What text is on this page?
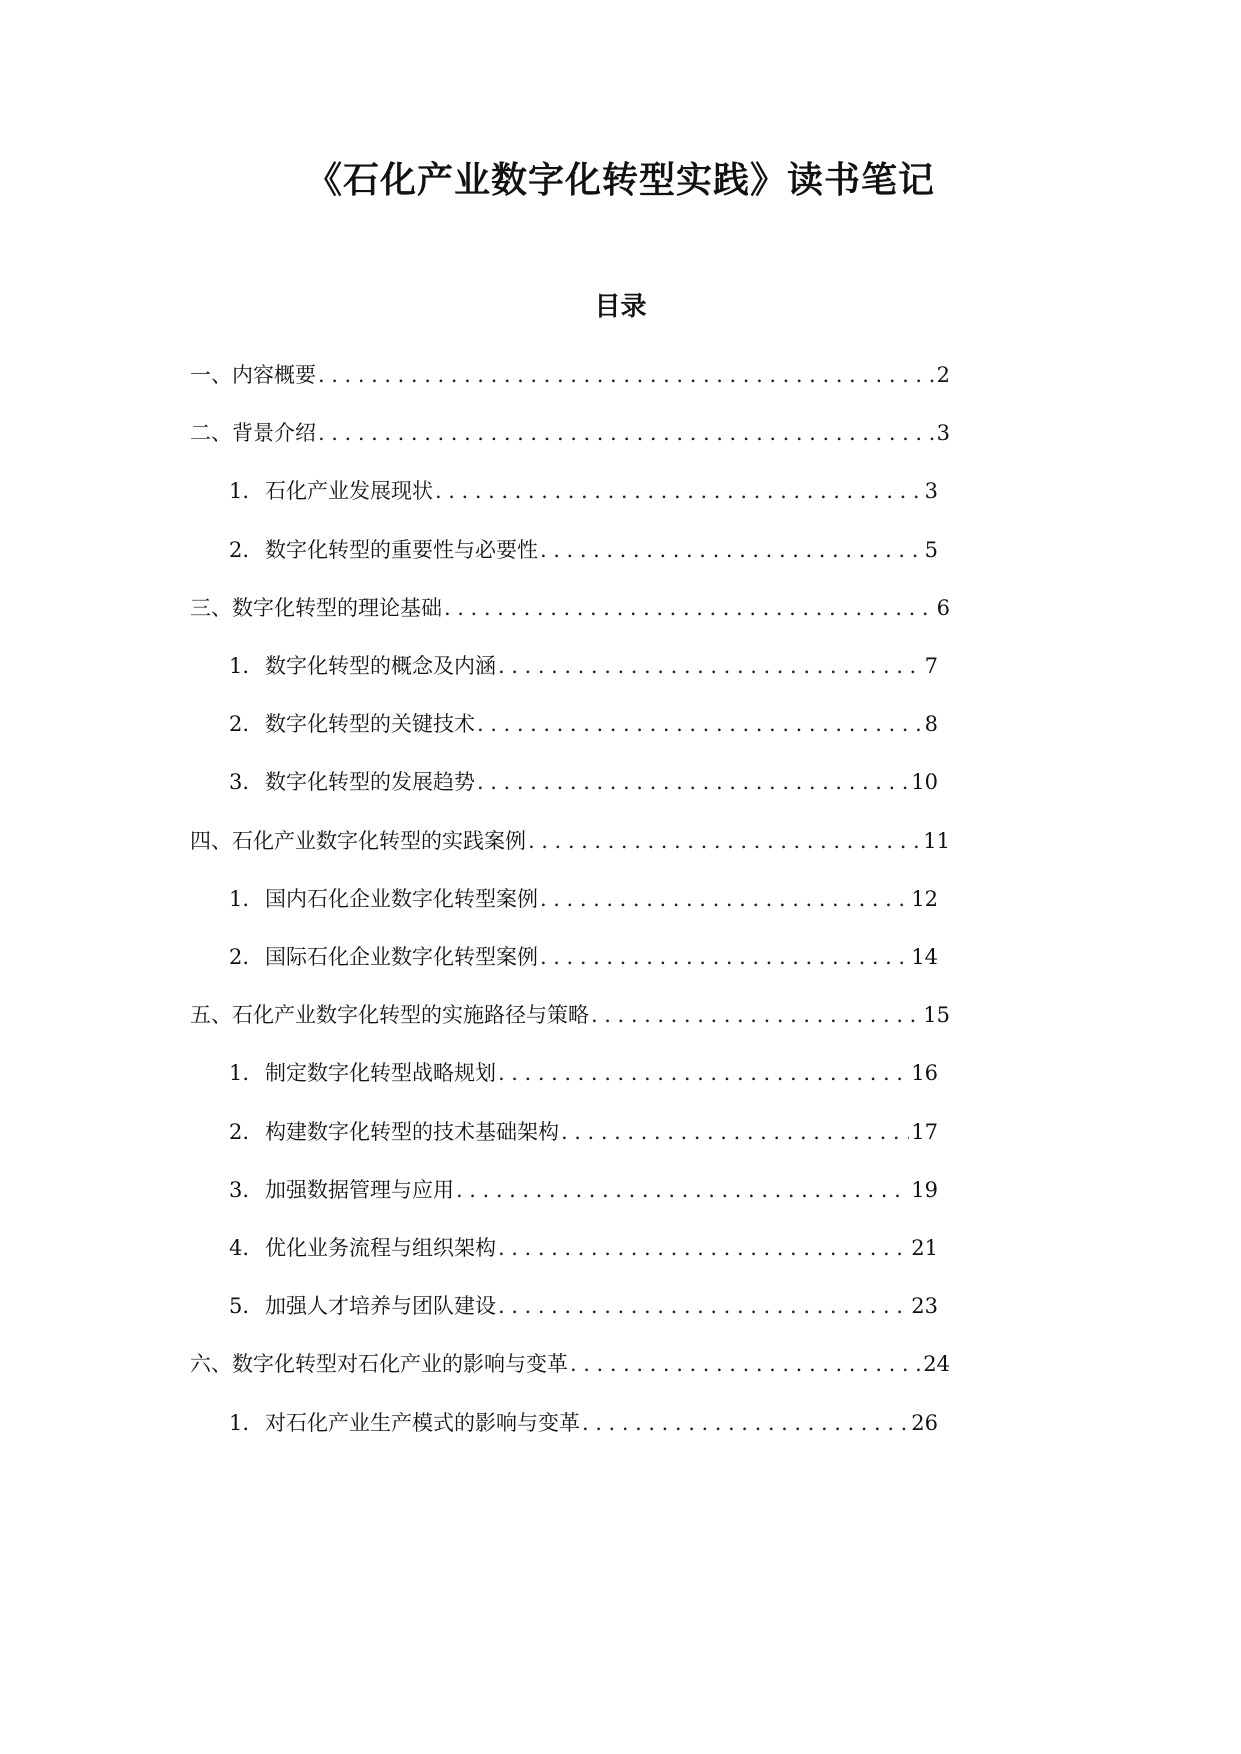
《石化产业数字化转型实践》读书笔记
目录
一、内容概要 .....	2
二、背景介绍 .....	3
1. 石化产业发展现状 .....	3
2. 数字化转型的重要性与必要性 .....	5
三、数字化转型的理论基础 .....	6
1. 数字化转型的概念及内涵 .....	7
2. 数字化转型的关键技术 .....	8
3. 数字化转型的发展趋势 .....	10
四、石化产业数字化转型的实践案例 .....	11
1. 国内石化企业数字化转型案例 .....	12
2. 国际石化企业数字化转型案例 .....	14
五、石化产业数字化转型的实施路径与策略 .....	15
1. 制定数字化转型战略规划 .....	16
2. 构建数字化转型的技术基础架构 .....	17
3. 加强数据管理与应用 .....	19
4. 优化业务流程与组织架构 .....	21
5. 加强人才培养与团队建设 .....	23
六、数字化转型对石化产业的影响与变革 .....	24
1. 对石化产业生产模式的影响与变革 .....	26
